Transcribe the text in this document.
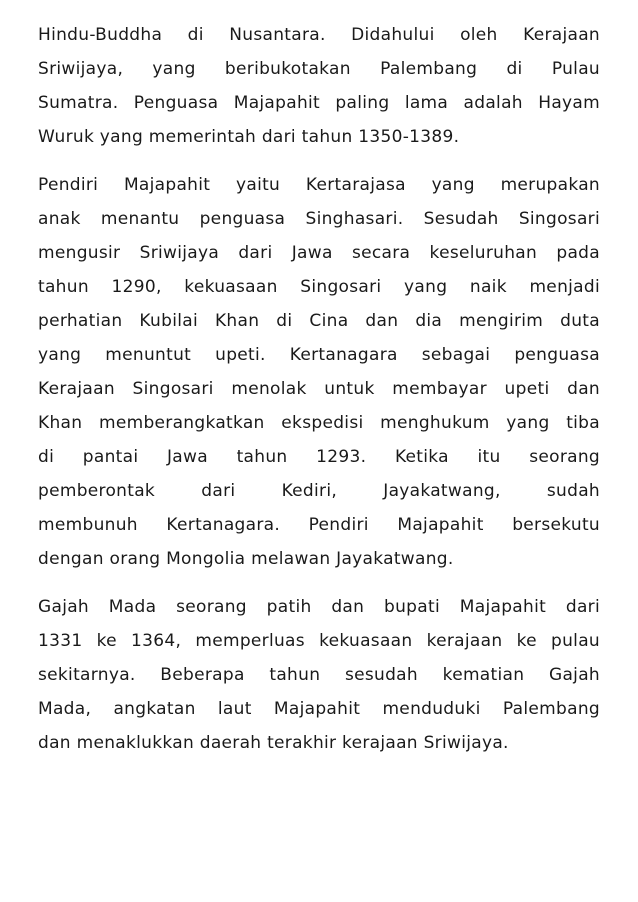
Hindu-Buddha di Nusantara. Didahului oleh Kerajaan
Sriwijaya, yang beribukotakan Palembang di Pulau
Sumatra. Penguasa Majapahit paling lama adalah Hayam
Wuruk yang memerintah dari tahun 1350-1389.
Pendiri Majapahit yaitu Kertarajasa yang merupakan
anak menantu penguasa Singhasari. Sesudah Singosari
mengusir Sriwijaya dari Jawa secara keseluruhan pada
tahun 1290, kekuasaan Singosari yang naik menjadi
perhatian Kubilai Khan di Cina dan dia mengirim duta
yang menuntut upeti. Kertanagara sebagai penguasa
Kerajaan Singosari menolak untuk membayar upeti dan
Khan memberangkatkan ekspedisi menghukum yang tiba
di pantai Jawa tahun 1293. Ketika itu seorang
pemberontak dari Kediri, Jayakatwang, sudah
membunuh Kertanagara. Pendiri Majapahit bersekutu
dengan orang Mongolia melawan Jayakatwang.
Gajah Mada seorang patih dan bupati Majapahit dari
1331 ke 1364, memperluas kekuasaan kerajaan ke pulau
sekitarnya. Beberapa tahun sesudah kematian Gajah
Mada, angkatan laut Majapahit menduduki Palembang
dan menaklukkan daerah terakhir kerajaan Sriwijaya.
